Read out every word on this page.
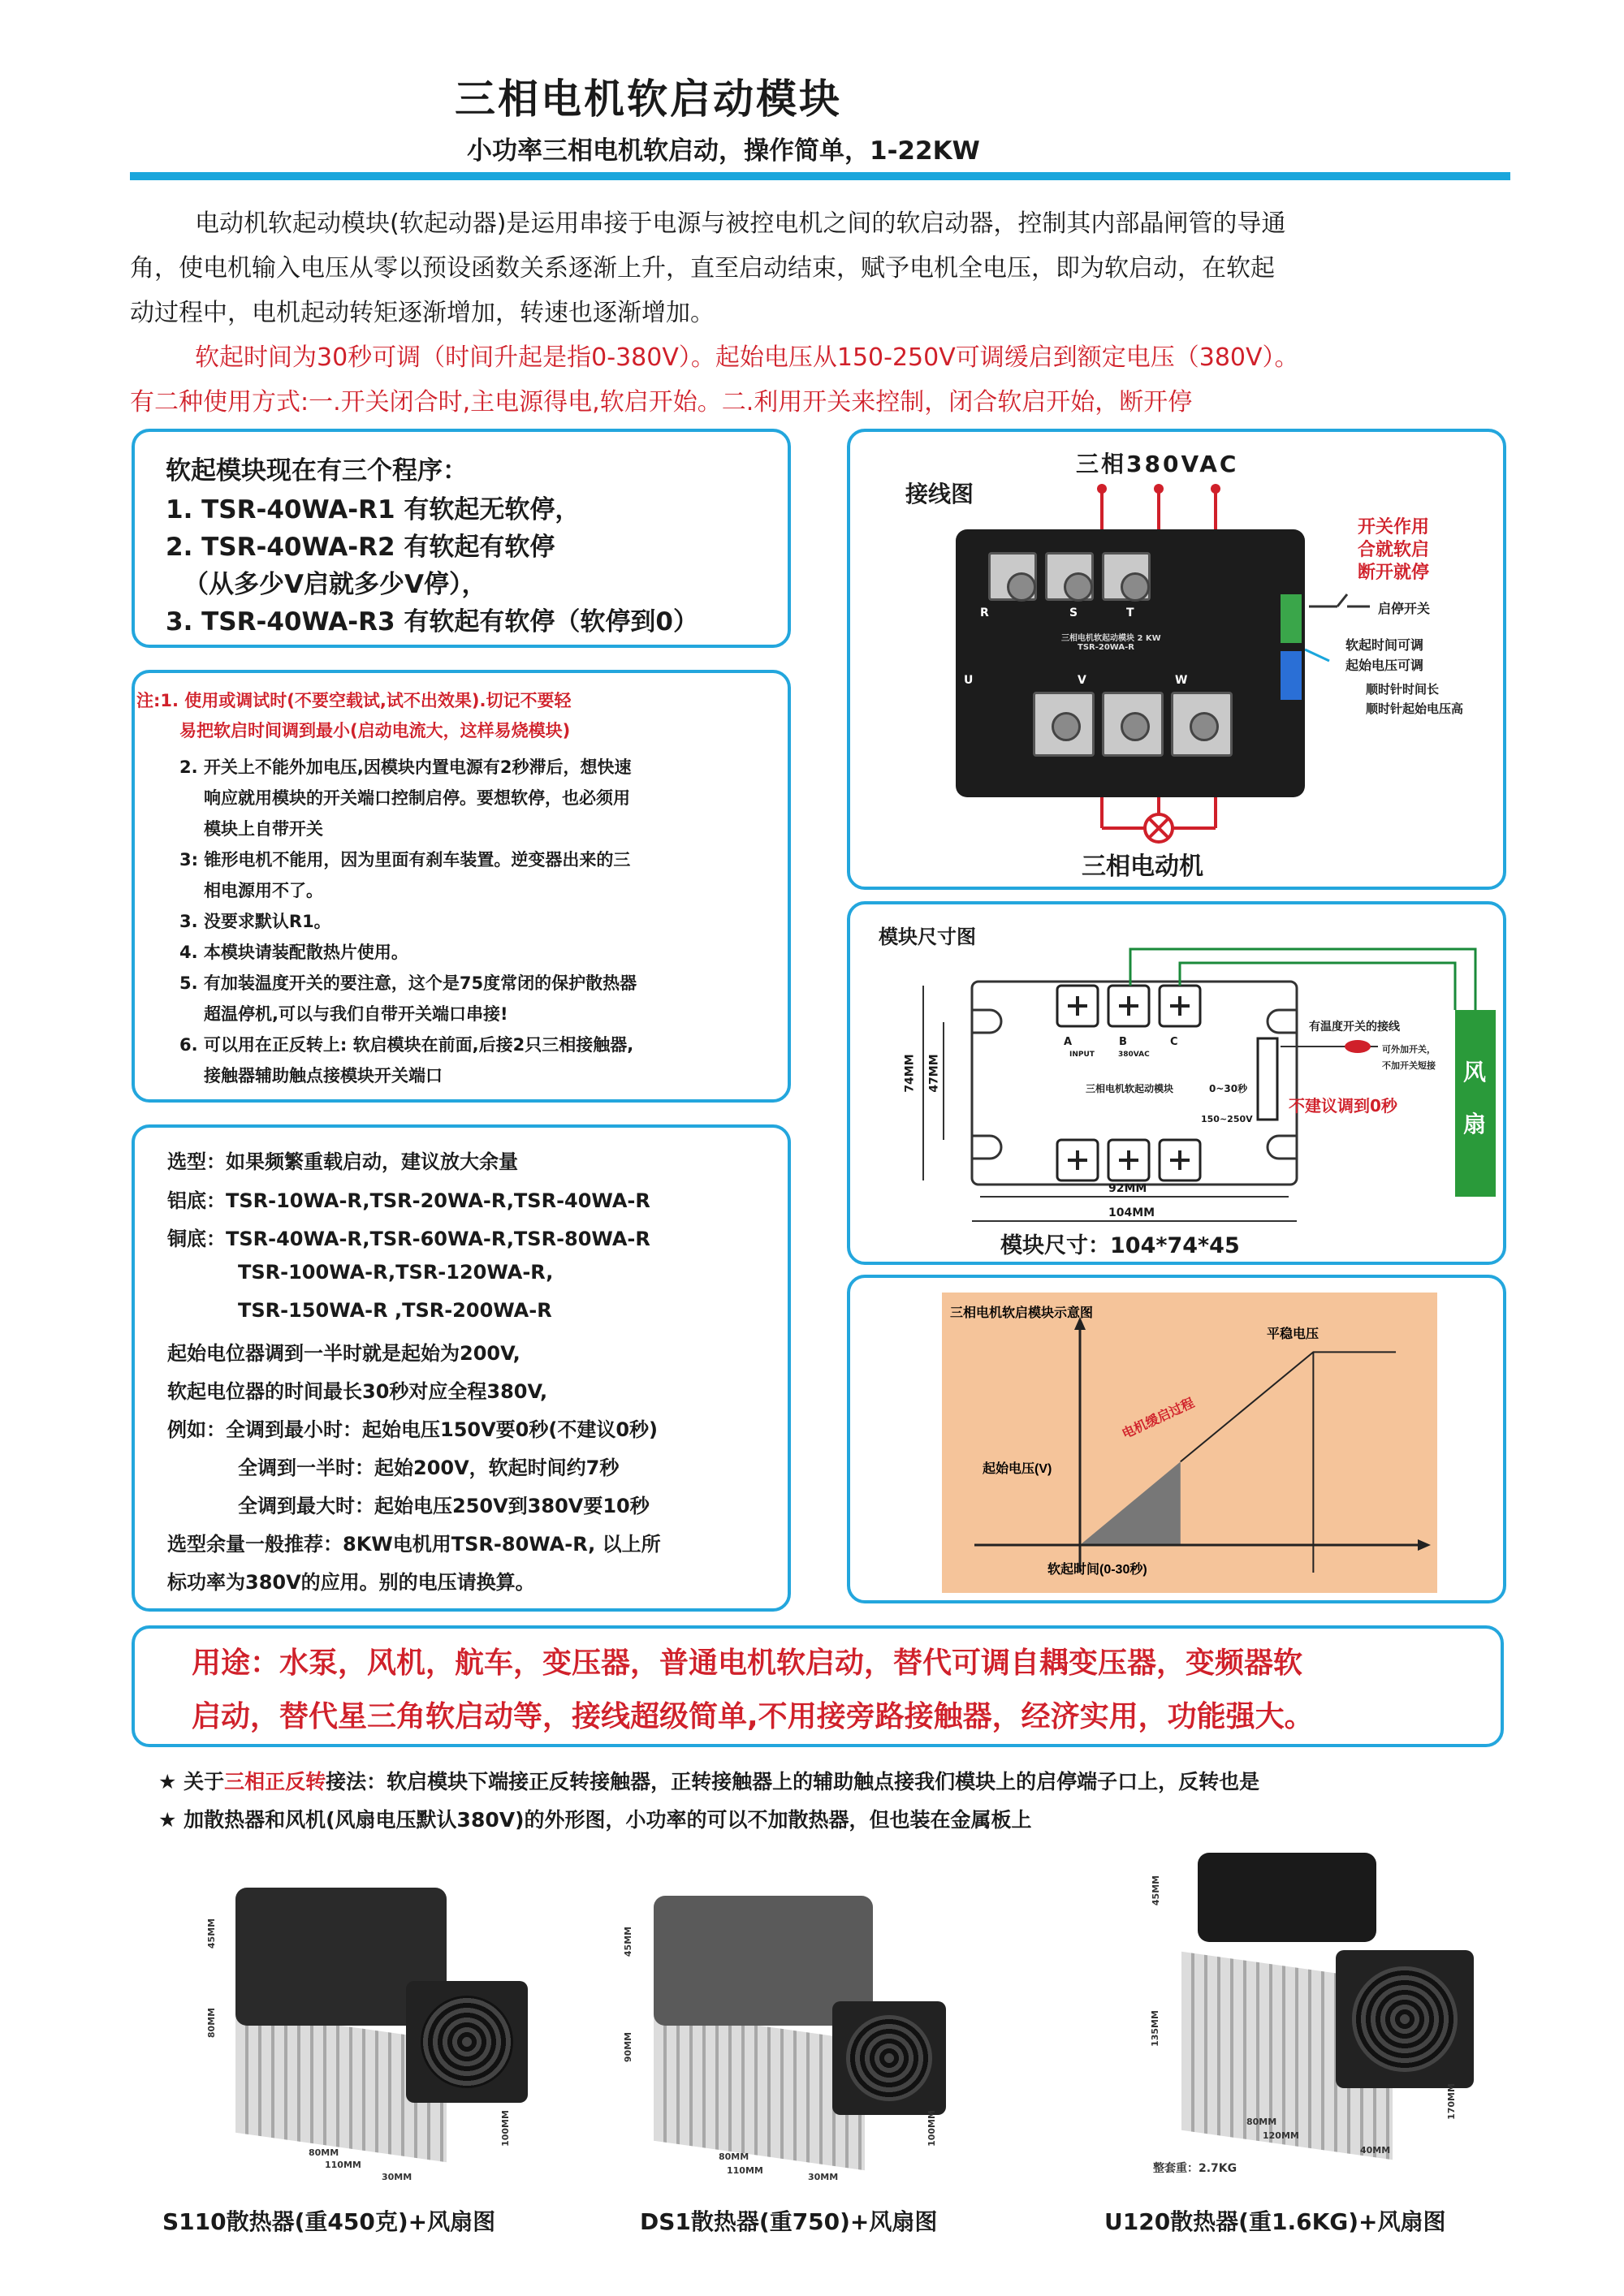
三相电机软启动模块
小功率三相电机软启动，操作简单，1-22KW
电动机软起动模块(软起动器)是运用串接于电源与被控电机之间的软启动器，控制其内部晶闸管的导通
角，使电机输入电压从零以预设函数关系逐渐上升，直至启动结束，赋予电机全电压，即为软启动，在软起
动过程中，电机起动转矩逐渐增加，转速也逐渐增加。
软起时间为30秒可调（时间升起是指0-380V）。起始电压从150-250V可调缓启到额定电压（380V）。
有二种使用方式:一.开关闭合时,主电源得电,软启开始。二.利用开关来控制，闭合软启开始，断开停
软起模块现在有三个程序：
1. TSR-40WA-R1 有软起无软停，
2. TSR-40WA-R2 有软起有软停
（从多少V启就多少V停），
3. TSR-40WA-R3 有软起有软停（软停到0）
注:1. 使用或调试时(不要空载试,试不出效果).切记不要轻
易把软启时间调到最小(启动电流大，这样易烧模块)
2. 开关上不能外加电压,因模块内置电源有2秒滞后，想快速
响应就用模块的开关端口控制启停。要想软停，也必须用
模块上自带开关
3: 锥形电机不能用，因为里面有刹车装置。逆变器出来的三
相电源用不了。
3. 没要求默认R1。
4. 本模块请装配散热片使用。
5. 有加装温度开关的要注意，这个是75度常闭的保护散热器
超温停机,可以与我们自带开关端口串接!
6. 可以用在正反转上: 软启模块在前面,后接2只三相接触器,
接触器辅助触点接模块开关端口
选型：如果频繁重载启动，建议放大余量
铝底：TSR-10WA-R,TSR-20WA-R,TSR-40WA-R
铜底：TSR-40WA-R,TSR-60WA-R,TSR-80WA-R
TSR-100WA-R,TSR-120WA-R,
TSR-150WA-R ,TSR-200WA-R
起始电位器调到一半时就是起始为200V,
软起电位器的时间最长30秒对应全程380V,
例如：全调到最小时：起始电压150V要0秒(不建议0秒)
全调到一半时：起始200V，软起时间约7秒
全调到最大时：起始电压250V到380V要10秒
选型余量一般推荐：8KW电机用TSR-80WA-R, 以上所
标功率为380V的应用。别的电压请换算。
接线图
三相380VAC
R	S	T
三相电机软起动模块 2 KW
TSR-20WA-R
U	V	W
开关作用
合就软启
断开就停
启停开关
软起时间可调
起始电压可调
顺时针时间长
顺时针起始电压高
三相电动机
模块尺寸图
A	B	C
INPUT	380VAC
三相电机软起动模块	0~30秒
150~250V
有温度开关的接线
可外加开关，
不加开关短接
不建议调到0秒
风扇
74MM 47MM
92MM
104MM
模块尺寸：104*74*45
三相电机软启模块示意图
起始电压(V)
软起时间(0-30秒)
平稳电压
电机缓启过程
用途：水泵，风机，航车，变压器，普通电机软启动，替代可调自耦变压器，变频器软
启动，替代星三角软启动等，接线超级简单,不用接旁路接触器，经济实用，功能强大。
★ 关于三相正反转接法：软启模块下端接正反转接触器，正转接触器上的辅助触点接我们模块上的启停端子口上，反转也是
★ 加散热器和风机(风扇电压默认380V)的外形图，小功率的可以不加散热器，但也装在金属板上
45MM
80MM
80MM
110MM
30MM
100MM
S110散热器(重450克)+风扇图
45MM
90MM
80MM
110MM
30MM
100MM
DS1散热器(重750)+风扇图
45MM
135MM
80MM
120MM
40MM
170MM
整套重：2.7KG
U120散热器(重1.6KG)+风扇图
